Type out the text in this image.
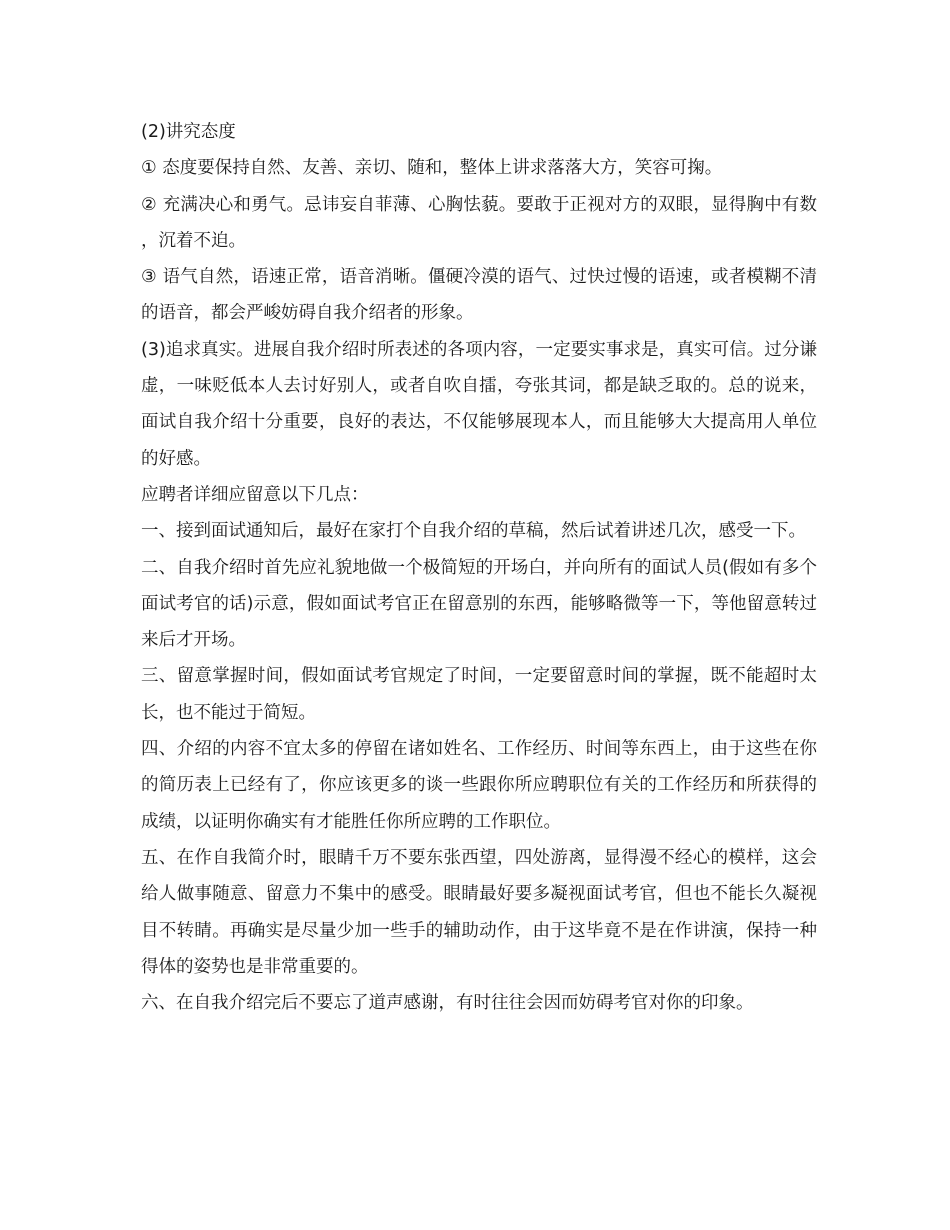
(2)讲究态度

① 态度要保持自然、友善、亲切、随和，整体上讲求落落大方，笑容可掬。

② 充满决心和勇气。忌讳妄自菲薄、心胸怯藐。要敢于正视对方的双眼，显得胸中有数，沉着不迫。

③ 语气自然，语速正常，语音消晰。僵硬冷漠的语气、过快过慢的语速，或者模糊不清的语音，都会严峻妨碍自我介绍者的形象。

(3)追求真实。进展自我介绍时所表述的各项内容，一定要实事求是，真实可信。过分谦虚，一味贬低本人去讨好别人，或者自吹自擂，夸张其词，都是缺乏取的。总的说来，面试自我介绍十分重要，良好的表达，不仅能够展现本人，而且能够大大提高用人单位的好感。

应聘者详细应留意以下几点：

一、接到面试通知后，最好在家打个自我介绍的草稿，然后试着讲述几次，感受一下。

二、自我介绍时首先应礼貌地做一个极简短的开场白，并向所有的面试人员(假如有多个面试考官的话)示意，假如面试考官正在留意别的东西，能够略微等一下，等他留意转过来后才开场。

三、留意掌握时间，假如面试考官规定了时间，一定要留意时间的掌握，既不能超时太长，也不能过于简短。

四、介绍的内容不宜太多的停留在诸如姓名、工作经历、时间等东西上，由于这些在你的简历表上已经有了，你应该更多的谈一些跟你所应聘职位有关的工作经历和所获得的成绩，以证明你确实有才能胜任你所应聘的工作职位。

五、在作自我简介时，眼睛千万不要东张西望，四处游离，显得漫不经心的模样，这会给人做事随意、留意力不集中的感受。眼睛最好要多凝视面试考官，但也不能长久凝视目不转睛。再确实是尽量少加一些手的辅助动作，由于这毕竟不是在作讲演，保持一种得体的姿势也是非常重要的。

六、在自我介绍完后不要忘了道声感谢，有时往往会因而妨碍考官对你的印象。
